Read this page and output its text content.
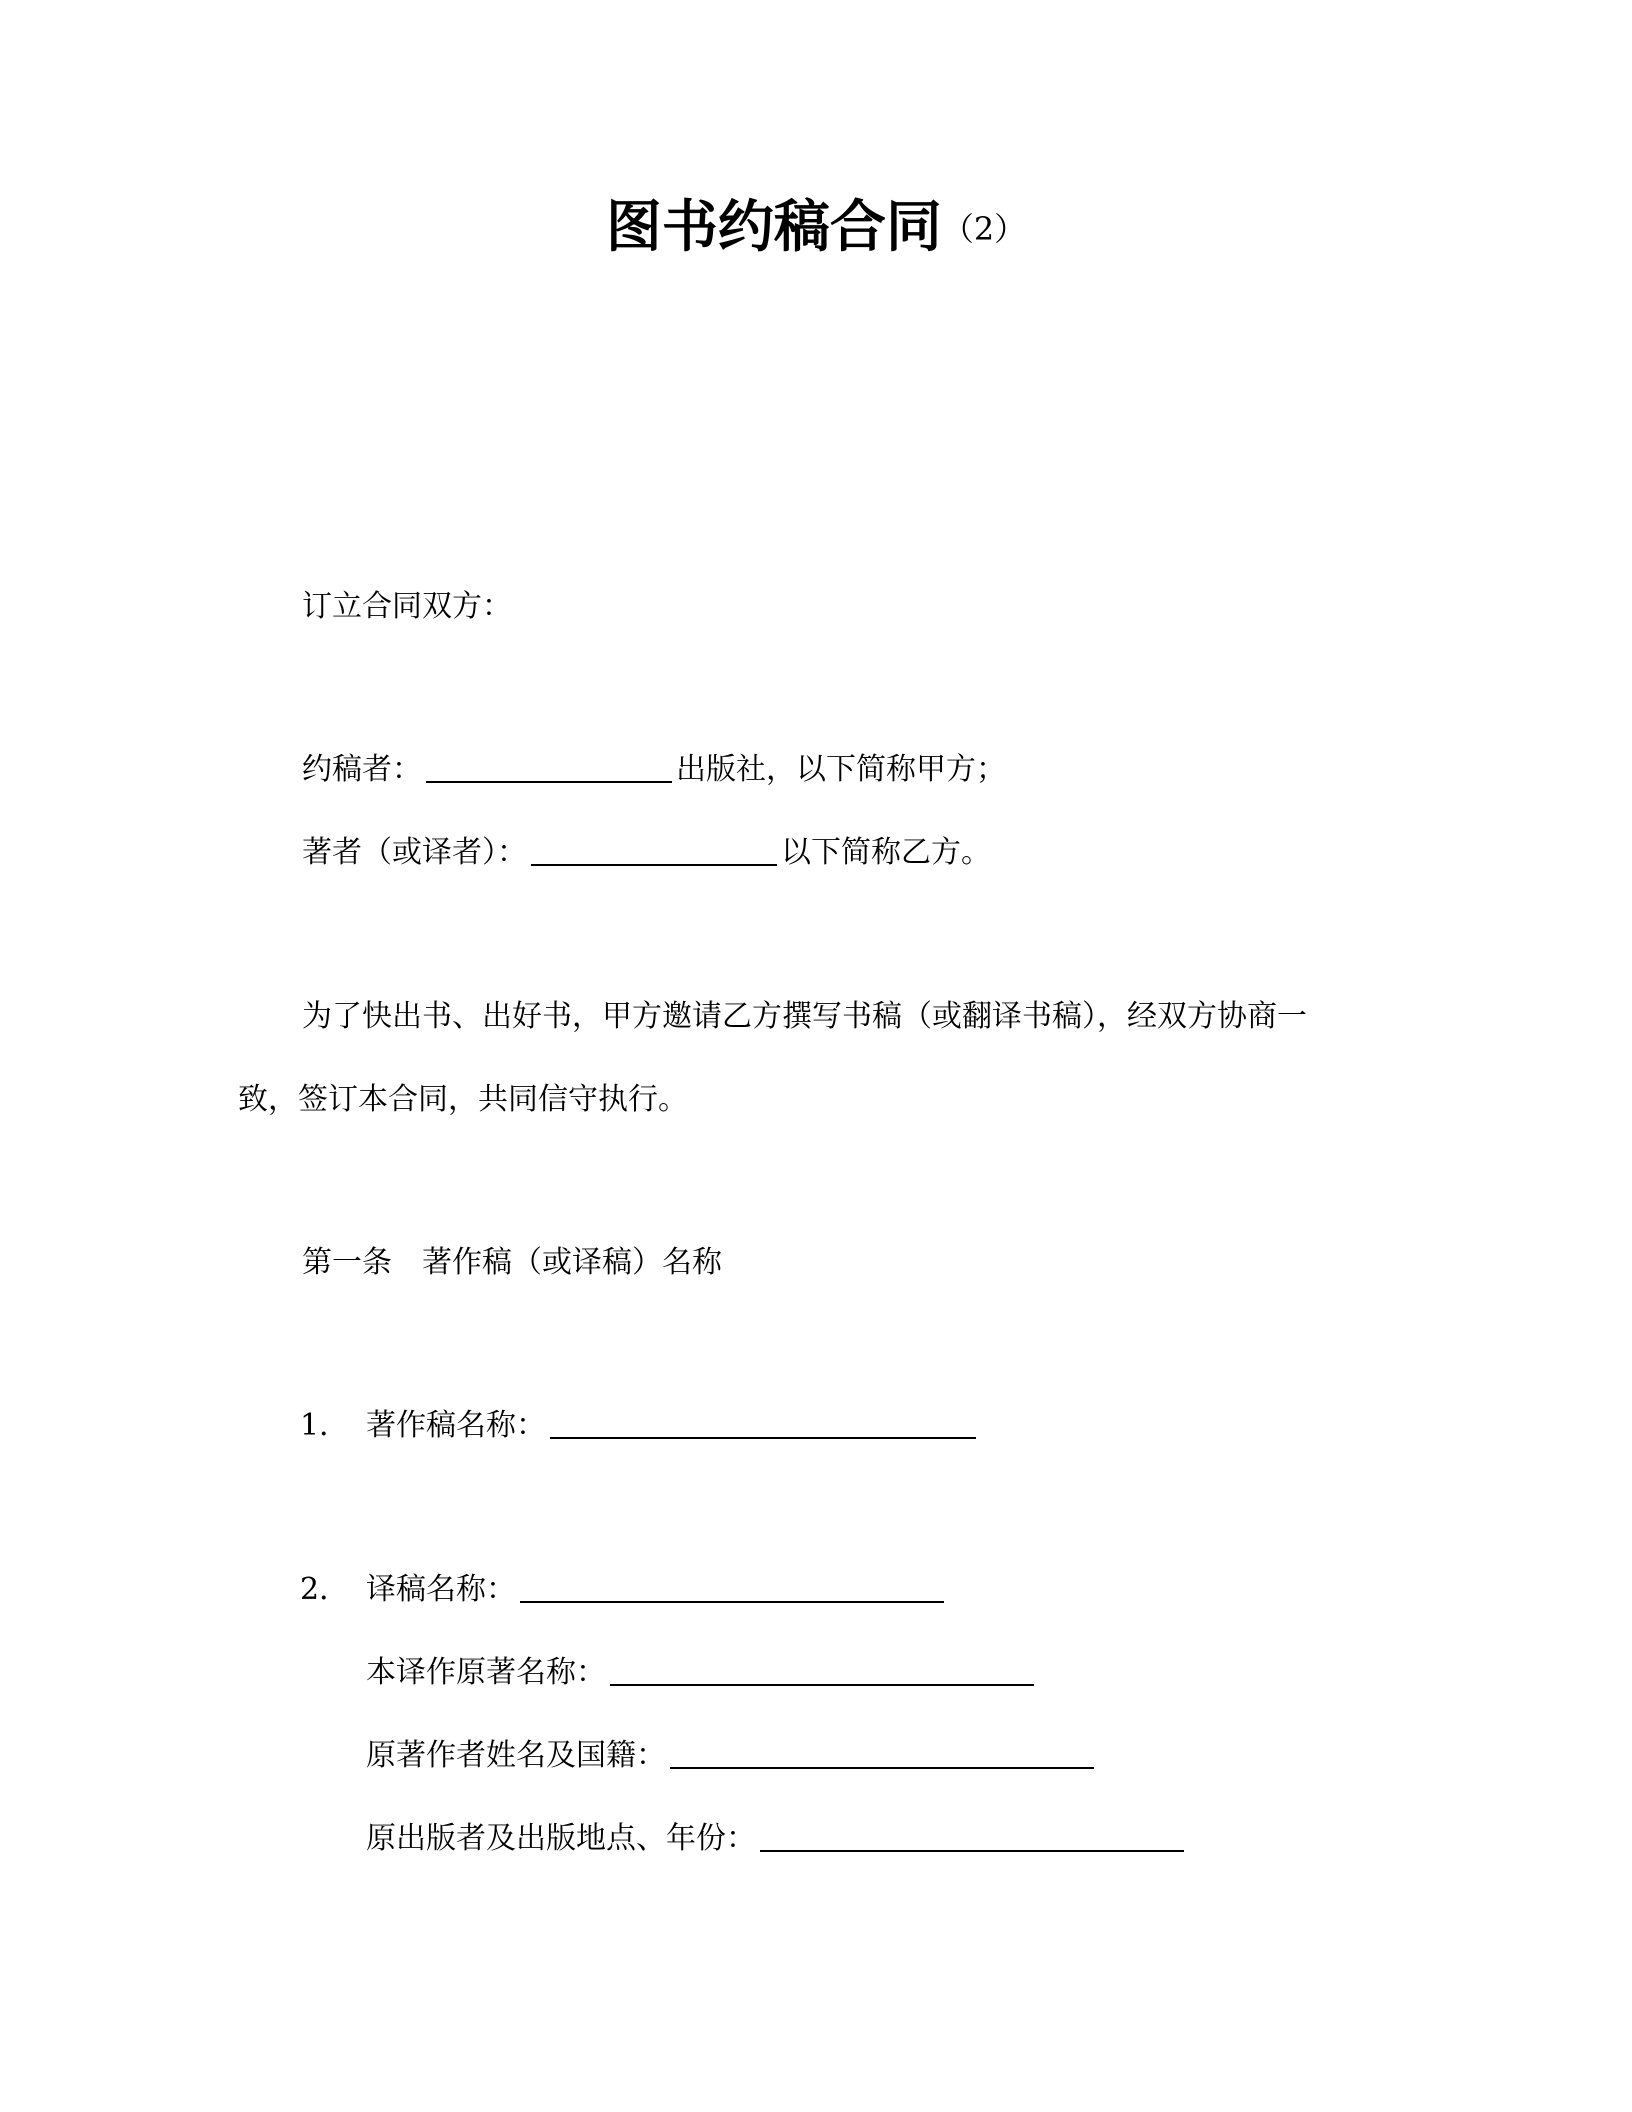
图书约稿合同（2）
订立合同双方：
约稿者：	出版社，以下简称甲方；
著者（或译者）：	以下简称乙方。
为了快出书、出好书，甲方邀请乙方撰写书稿（或翻译书稿），经双方协商一
致，签订本合同，共同信守执行。
第一条 著作稿（或译稿）名称
1． 著作稿名称：
2． 译稿名称：
本译作原著名称：
原著作者姓名及国籍：
原出版者及出版地点、年份：
